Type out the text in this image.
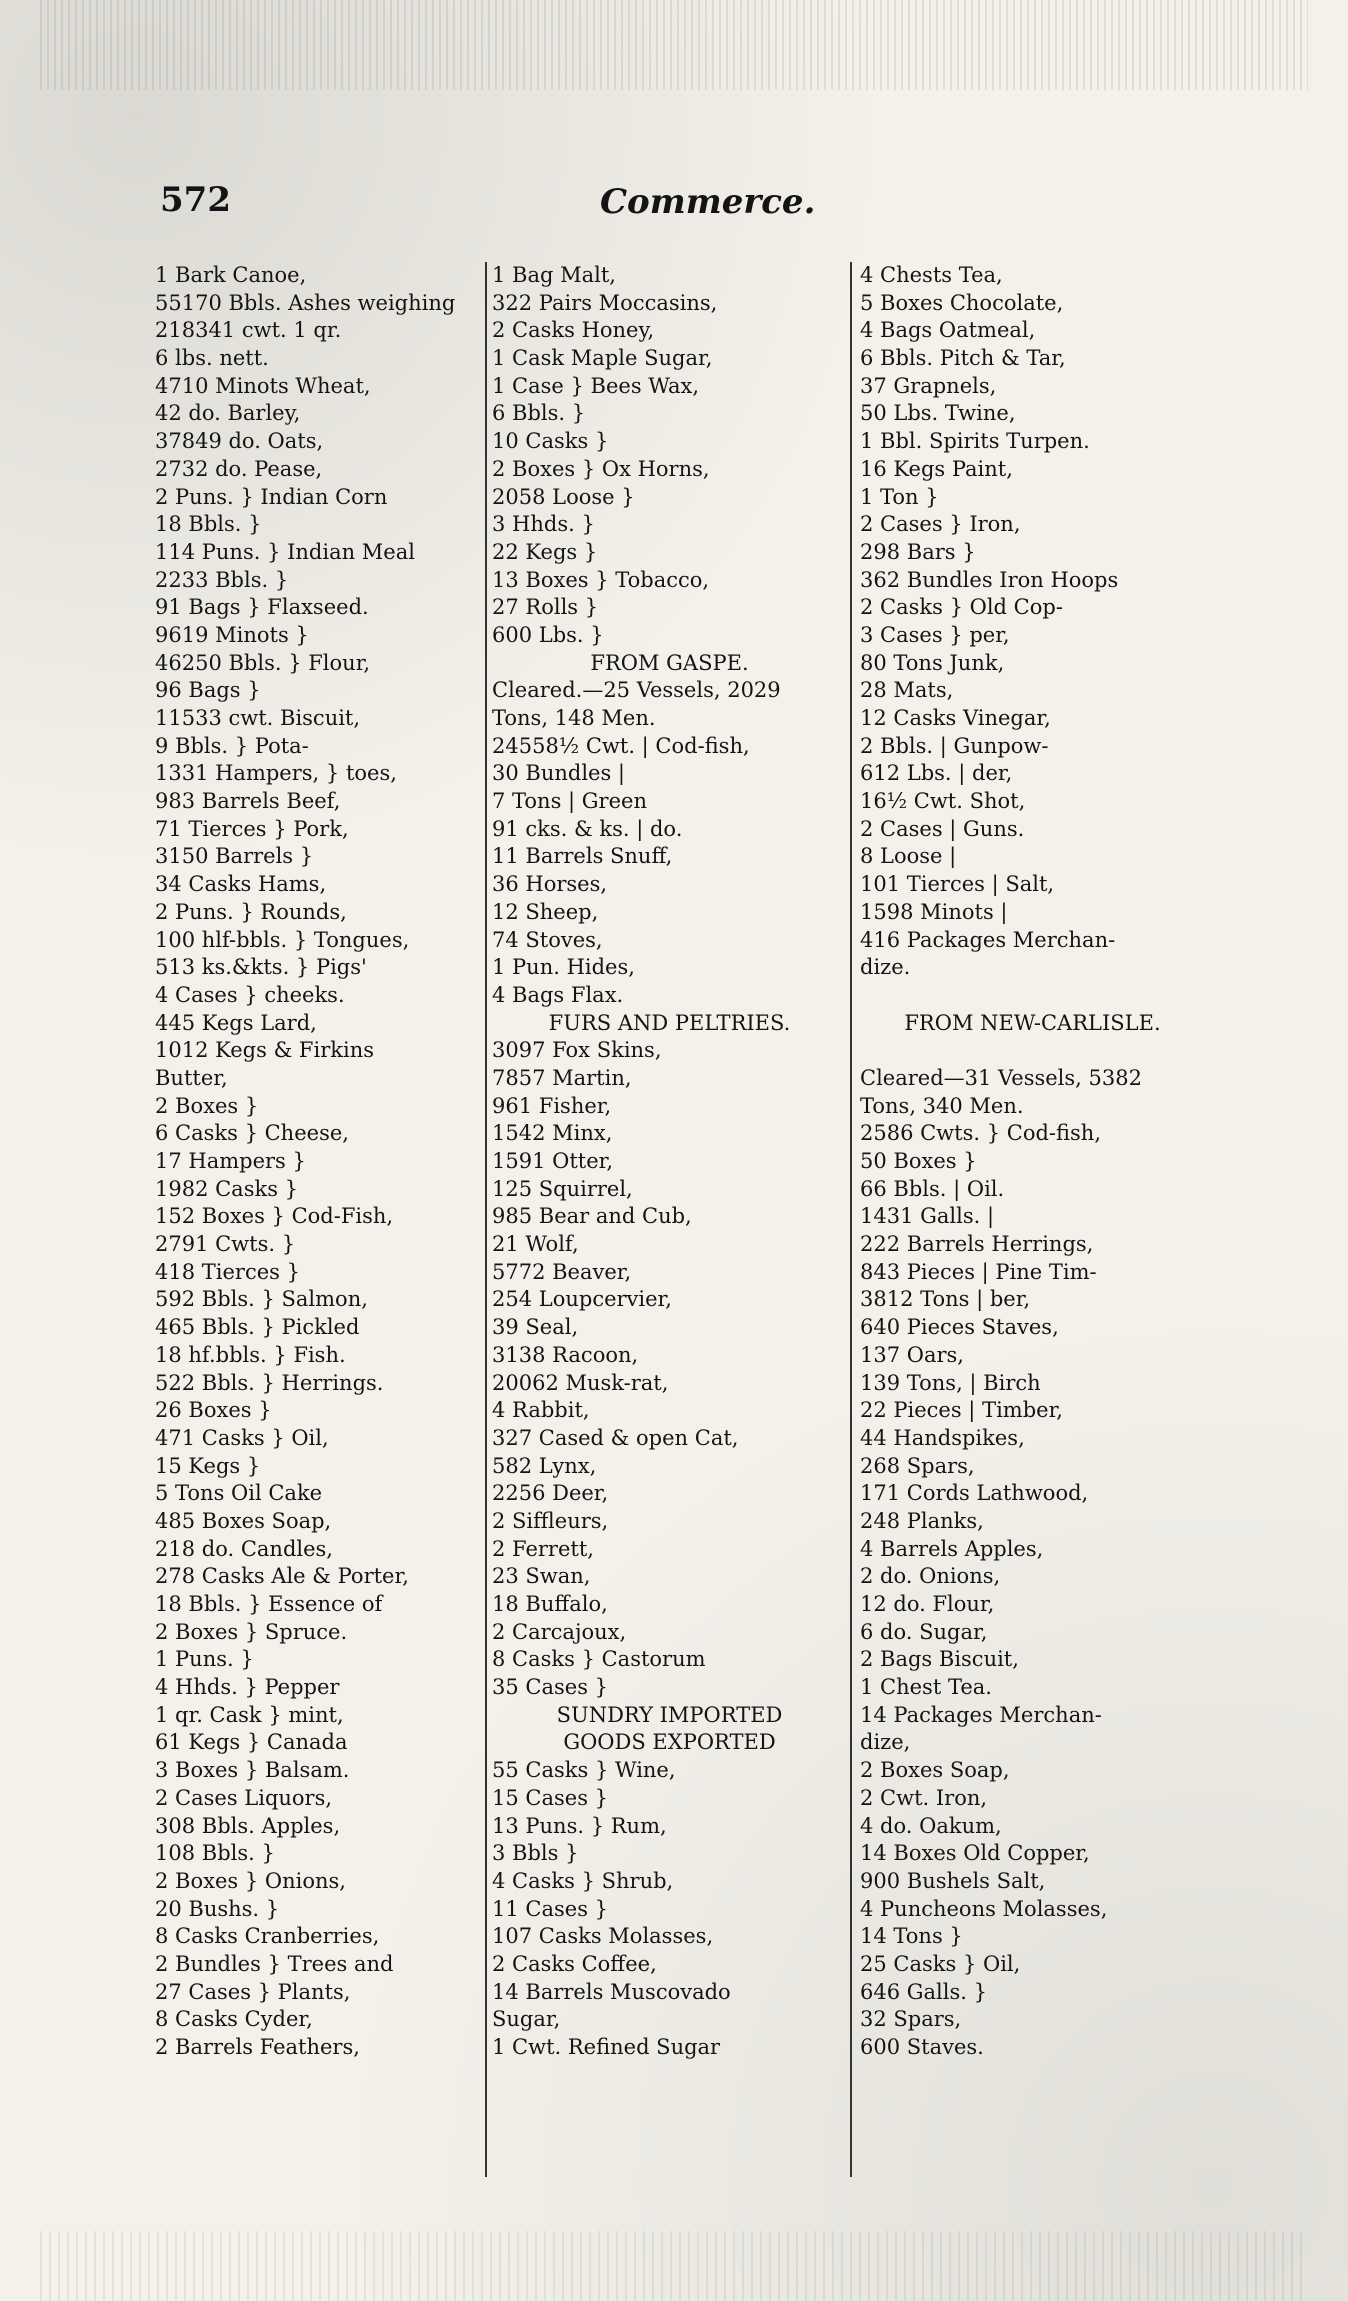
572	Commerce.
1 Bark Canoe,
55170 Bbls. Ashes weighing
218341 cwt. 1 qr.
6 lbs. nett.
4710 Minots Wheat,
42 do. Barley,
37849 do. Oats,
2732 do. Pease,
2 Puns. } Indian Corn
18 Bbls. }
114 Puns. } Indian Meal
2233 Bbls. }
91 Bags } Flaxseed.
9619 Minots }
46250 Bbls. } Flour,
96 Bags }
11533 cwt. Biscuit,
9 Bbls. } Pota-
1331 Hampers, } toes,
983 Barrels Beef,
71 Tierces } Pork,
3150 Barrels }
34 Casks Hams,
2 Puns. } Rounds,
100 hlf-bbls. } Tongues,
513 ks.&kts. } Pigs'
4 Cases } cheeks.
445 Kegs Lard,
1012 Kegs & Firkins
Butter,
2 Boxes }
6 Casks } Cheese,
17 Hampers }
1982 Casks }
152 Boxes } Cod-Fish,
2791 Cwts. }
418 Tierces }
592 Bbls. } Salmon,
465 Bbls. } Pickled
18 hf.bbls. } Fish.
522 Bbls. } Herrings.
26 Boxes }
471 Casks } Oil,
15 Kegs }
5 Tons Oil Cake
485 Boxes Soap,
218 do. Candles,
278 Casks Ale & Porter,
18 Bbls. } Essence of
2 Boxes } Spruce.
1 Puns. }
4 Hhds. } Pepper
1 qr. Cask } mint,
61 Kegs } Canada
3 Boxes } Balsam.
2 Cases Liquors,
308 Bbls. Apples,
108 Bbls. }
2 Boxes } Onions,
20 Bushs. }
8 Casks Cranberries,
2 Bundles } Trees and
27 Cases } Plants,
8 Casks Cyder,
2 Barrels Feathers,
1 Bag Malt,
322 Pairs Moccasins,
2 Casks Honey,
1 Cask Maple Sugar,
1 Case } Bees Wax,
6 Bbls. }
10 Casks }
2 Boxes } Ox Horns,
2058 Loose }
3 Hhds. }
22 Kegs }
13 Boxes } Tobacco,
27 Rolls }
600 Lbs. }
FROM GASPE.
Cleared.—25 Vessels, 2029
Tons, 148 Men.
24558½ Cwt. | Cod-fish,
30 Bundles |
7 Tons | Green
91 cks. & ks. | do.
11 Barrels Snuff,
36 Horses,
12 Sheep,
74 Stoves,
1 Pun. Hides,
4 Bags Flax.
FURS AND PELTRIES.
3097 Fox Skins,
7857 Martin,
961 Fisher,
1542 Minx,
1591 Otter,
125 Squirrel,
985 Bear and Cub,
21 Wolf,
5772 Beaver,
254 Loupcervier,
39 Seal,
3138 Racoon,
20062 Musk-rat,
4 Rabbit,
327 Cased & open Cat,
582 Lynx,
2256 Deer,
2 Siffleurs,
2 Ferrett,
23 Swan,
18 Buffalo,
2 Carcajoux,
8 Casks } Castorum
35 Cases }
SUNDRY IMPORTED
GOODS EXPORTED
55 Casks } Wine,
15 Cases }
13 Puns. } Rum,
3 Bbls }
4 Casks } Shrub,
11 Cases }
107 Casks Molasses,
2 Casks Coffee,
14 Barrels Muscovado
Sugar,
1 Cwt. Refined Sugar
4 Chests Tea,
5 Boxes Chocolate,
4 Bags Oatmeal,
6 Bbls. Pitch & Tar,
37 Grapnels,
50 Lbs. Twine,
1 Bbl. Spirits Turpen.
16 Kegs Paint,
1 Ton }
2 Cases } Iron,
298 Bars }
362 Bundles Iron Hoops
2 Casks } Old Cop-
3 Cases } per,
80 Tons Junk,
28 Mats,
12 Casks Vinegar,
2 Bbls. | Gunpow-
612 Lbs. | der,
16½ Cwt. Shot,
2 Cases | Guns.
8 Loose |
101 Tierces | Salt,
1598 Minots |
416 Packages Merchan-
dize.
FROM NEW-CARLISLE.
Cleared—31 Vessels, 5382
Tons, 340 Men.
2586 Cwts. } Cod-fish,
50 Boxes }
66 Bbls. | Oil.
1431 Galls. |
222 Barrels Herrings,
843 Pieces | Pine Tim-
3812 Tons | ber,
640 Pieces Staves,
137 Oars,
139 Tons, | Birch
22 Pieces | Timber,
44 Handspikes,
268 Spars,
171 Cords Lathwood,
248 Planks,
4 Barrels Apples,
2 do. Onions,
12 do. Flour,
6 do. Sugar,
2 Bags Biscuit,
1 Chest Tea.
14 Packages Merchan-
dize,
2 Boxes Soap,
2 Cwt. Iron,
4 do. Oakum,
14 Boxes Old Copper,
900 Bushels Salt,
4 Puncheons Molasses,
14 Tons }
25 Casks } Oil,
646 Galls. }
32 Spars,
600 Staves.
